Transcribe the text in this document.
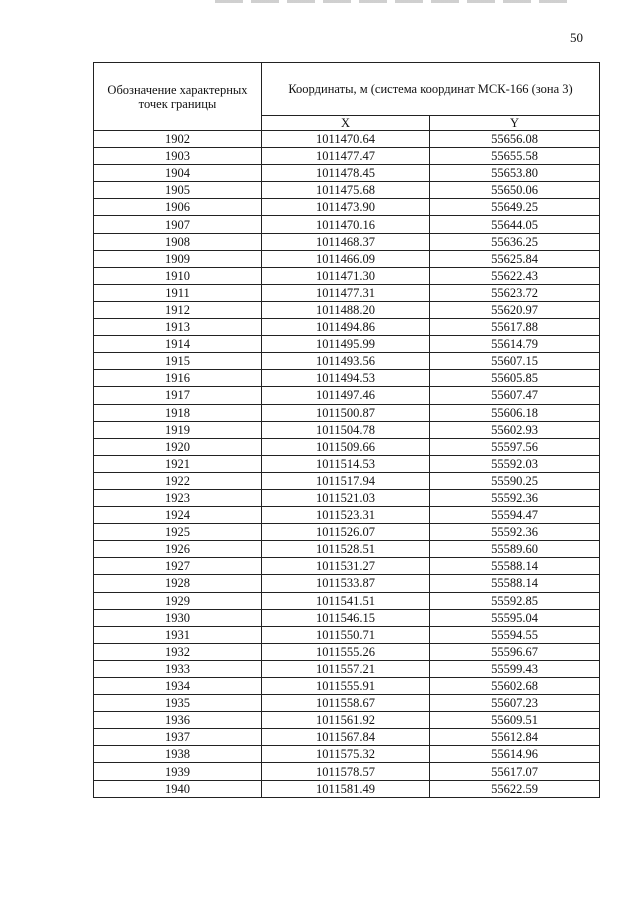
50
Обозначение характерных точек границы	Координаты, м (система координат МСК-166 (зона 3)	
	X	Y
1902	1011470.64	55656.08
1903	1011477.47	55655.58
1904	1011478.45	55653.80
1905	1011475.68	55650.06
1906	1011473.90	55649.25
1907	1011470.16	55644.05
1908	1011468.37	55636.25
1909	1011466.09	55625.84
1910	1011471.30	55622.43
1911	1011477.31	55623.72
1912	1011488.20	55620.97
1913	1011494.86	55617.88
1914	1011495.99	55614.79
1915	1011493.56	55607.15
1916	1011494.53	55605.85
1917	1011497.46	55607.47
1918	1011500.87	55606.18
1919	1011504.78	55602.93
1920	1011509.66	55597.56
1921	1011514.53	55592.03
1922	1011517.94	55590.25
1923	1011521.03	55592.36
1924	1011523.31	55594.47
1925	1011526.07	55592.36
1926	1011528.51	55589.60
1927	1011531.27	55588.14
1928	1011533.87	55588.14
1929	1011541.51	55592.85
1930	1011546.15	55595.04
1931	1011550.71	55594.55
1932	1011555.26	55596.67
1933	1011557.21	55599.43
1934	1011555.91	55602.68
1935	1011558.67	55607.23
1936	1011561.92	55609.51
1937	1011567.84	55612.84
1938	1011575.32	55614.96
1939	1011578.57	55617.07
1940	1011581.49	55622.59
